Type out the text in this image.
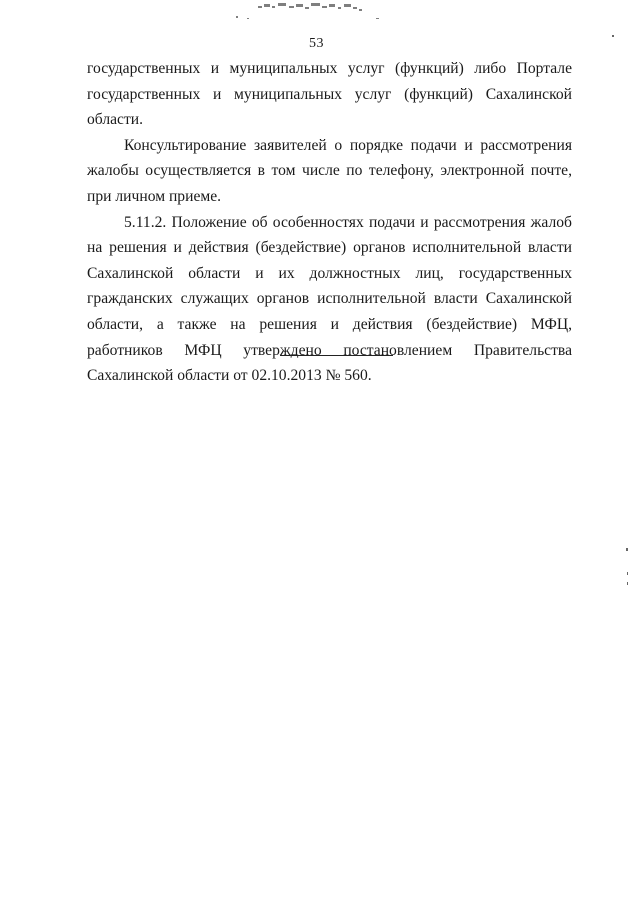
53

государственных и муниципальных услуг (функций) либо Портале государственных и муниципальных услуг (функций) Сахалинской области.

Консультирование заявителей о порядке подачи и рассмотрения жалобы осуществляется в том числе по телефону, электронной почте, при личном приеме.

5.11.2. Положение об особенностях подачи и рассмотрения жалоб на решения и действия (бездействие) органов исполнительной власти Сахалинской области и их должностных лиц, государственных гражданских служащих органов исполнительной власти Сахалинской области, а также на решения и действия (бездействие) МФЦ, работников МФЦ утверждено постановлением Правительства Сахалинской области от 02.10.2013 № 560.
